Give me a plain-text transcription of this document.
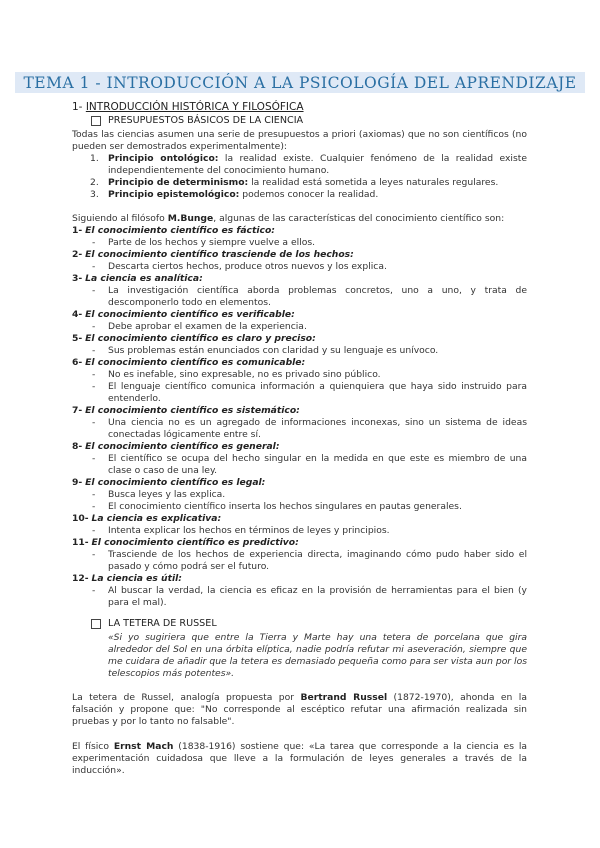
TEMA 1 - INTRODUCCIÓN A LA PSICOLOGÍA DEL APRENDIZAJE
1- INTRODUCCIÓN HISTÓRICA Y FILOSÓFICA
PRESUPUESTOS BÁSICOS DE LA CIENCIA
Todas las ciencias asumen una serie de presupuestos a priori (axiomas) que no son científicos (no pueden ser demostrados experimentalmente):
1. Principio ontológico: la realidad existe. Cualquier fenómeno de la realidad existe independientemente del conocimiento humano.
2. Principio de determinismo: la realidad está sometida a leyes naturales regulares.
3. Principio epistemológico: podemos conocer la realidad.
Siguiendo al filósofo M.Bunge, algunas de las características del conocimiento científico son:
1- El conocimiento científico es fáctico:
- Parte de los hechos y siempre vuelve a ellos.
2- El conocimiento científico trasciende de los hechos:
- Descarta ciertos hechos, produce otros nuevos y los explica.
3- La ciencia es analítica:
- La investigación científica aborda problemas concretos, uno a uno, y trata de descomponerlo todo en elementos.
4- El conocimiento científico es verificable:
- Debe aprobar el examen de la experiencia.
5- El conocimiento científico es claro y preciso:
- Sus problemas están enunciados con claridad y su lenguaje es unívoco.
6- El conocimiento científico es comunicable:
- No es inefable, sino expresable, no es privado sino público.
- El lenguaje científico comunica información a quienquiera que haya sido instruido para entenderlo.
7- El conocimiento científico es sistemático:
- Una ciencia no es un agregado de informaciones inconexas, sino un sistema de ideas conectadas lógicamente entre sí.
8- El conocimiento científico es general:
- El científico se ocupa del hecho singular en la medida en que este es miembro de una clase o caso de una ley.
9- El conocimiento científico es legal:
- Busca leyes y las explica.
- El conocimiento científico inserta los hechos singulares en pautas generales.
10- La ciencia es explicativa:
- Intenta explicar los hechos en términos de leyes y principios.
11- El conocimiento científico es predictivo:
- Trasciende de los hechos de experiencia directa, imaginando cómo pudo haber sido el pasado y cómo podrá ser el futuro.
12- La ciencia es útil:
- Al buscar la verdad, la ciencia es eficaz en la provisión de herramientas para el bien (y para el mal).
LA TETERA DE RUSSEL
«Si yo sugiriera que entre la Tierra y Marte hay una tetera de porcelana que gira alrededor del Sol en una órbita elíptica, nadie podría refutar mi aseveración, siempre que me cuidara de añadir que la tetera es demasiado pequeña como para ser vista aun por los telescopios más potentes».
La tetera de Russel, analogía propuesta por Bertrand Russel (1872-1970), ahonda en la falsación y propone que: "No corresponde al escéptico refutar una afirmación realizada sin pruebas y por lo tanto no falsable".
El físico Ernst Mach (1838-1916) sostiene que: «La tarea que corresponde a la ciencia es la experimentación cuidadosa que lleve a la formulación de leyes generales a través de la inducción».
